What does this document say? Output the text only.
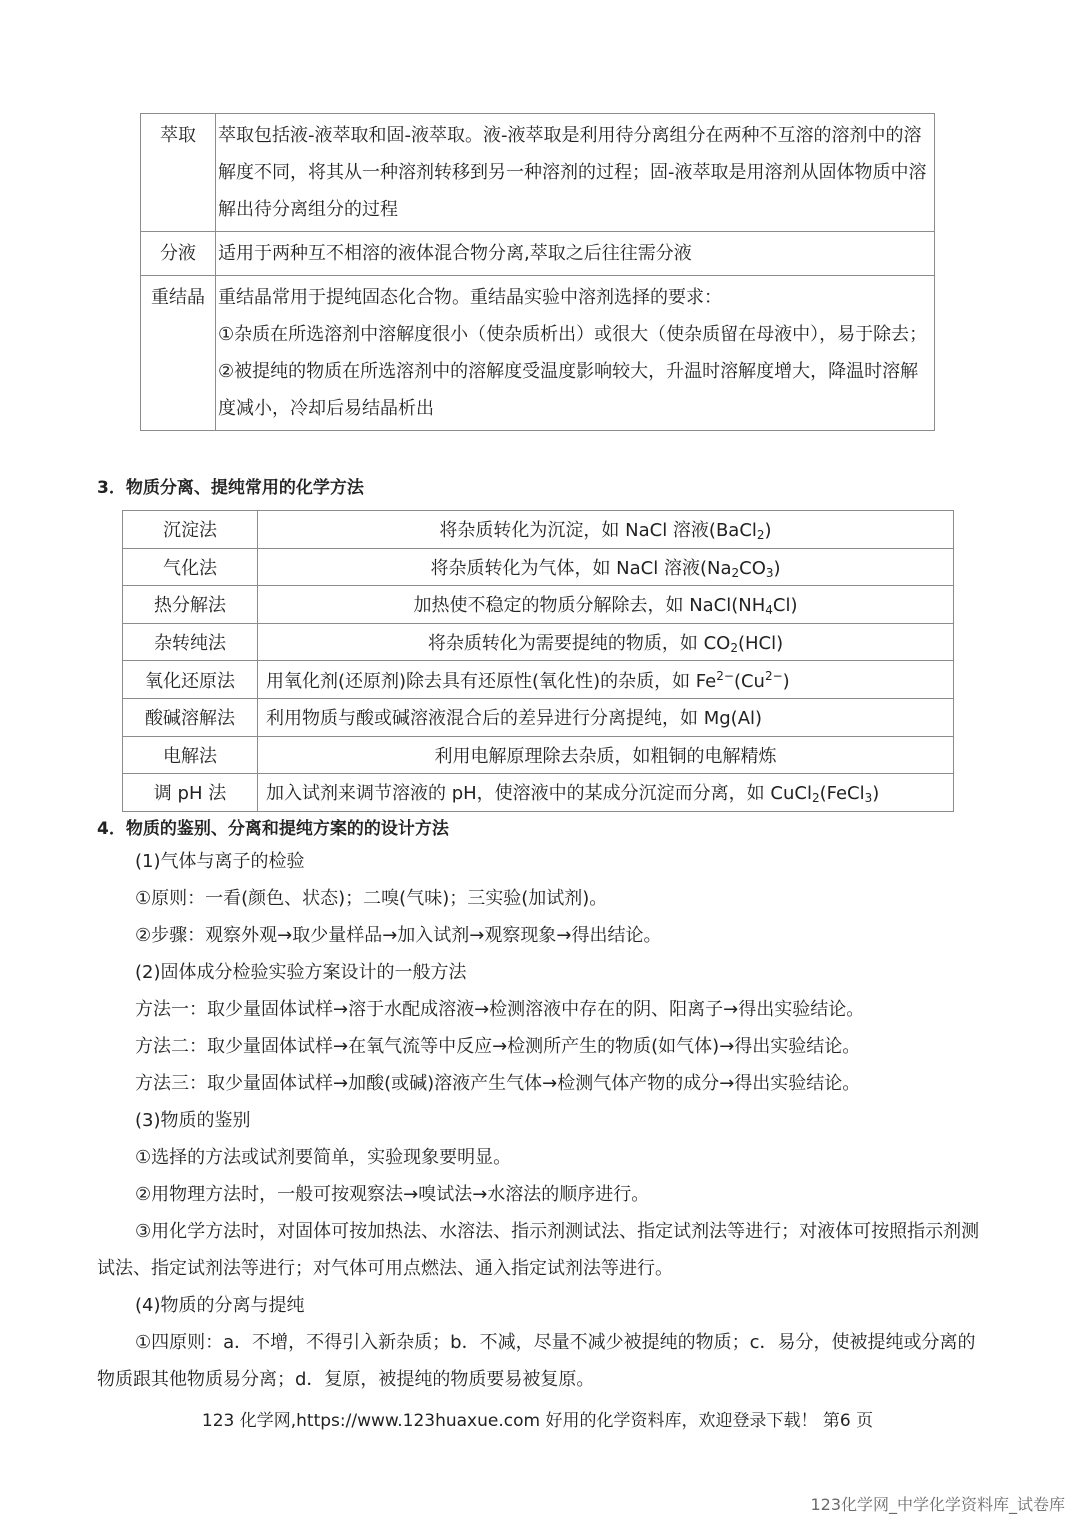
萃取	萃取包括液-液萃取和固-液萃取。液-液萃取是利用待分离组分在两种不互溶的溶剂中的溶解度不同，将其从一种溶剂转移到另一种溶剂的过程；固-液萃取是用溶剂从固体物质中溶解出待分离组分的过程

分液	适用于两种互不相溶的液体混合物分离,萃取之后往往需分液

重结晶	重结晶常用于提纯固态化合物。重结晶实验中溶剂选择的要求：

①杂质在所选溶剂中溶解度很小（使杂质析出）或很大（使杂质留在母液中），易于除去；

②被提纯的物质在所选溶剂中的溶解度受温度影响较大，升温时溶解度增大，降温时溶解度减小，冷却后易结晶析出

3．物质分离、提纯常用的化学方法

沉淀法	将杂质转化为沉淀，如 NaCl 溶液(BaCl$_2$)
气化法	将杂质转化为气体，如 NaCl 溶液$(Na_2CO_3)$
热分解法	加热使不稳定的物质分解除去，如 $NaCl(NH_4Cl)$
杂转纯法	将杂质转化为需要提纯的物质，如 $CO_2(HCl)$
氧化还原法	用氧化剂(还原剂)除去具有还原性(氧化性)的杂质，如 $Fe^{2-}(Cu^{2-})$
酸碱溶解法	利用物质与酸或碱溶液混合后的差异进行分离提纯，如 Mg(Al)
电解法	利用电解原理除去杂质，如粗铜的电解精炼
调 pH 法	加入试剂来调节溶液的 pH，使溶液中的某成分沉淀而分离，如 CuCl$_2$(FeCl$_3$)

4．物质的鉴别、分离和提纯方案的的设计方法

(1)气体与离子的检验

①原则：一看(颜色、状态)；二嗅(气味)；三实验(加试剂)。

②步骤：观察外观→取少量样品→加入试剂→观察现象→得出结论。

(2)固体成分检验实验方案设计的一般方法

方法一：取少量固体试样→溶于水配成溶液→检测溶液中存在的阴、阳离子→得出实验结论。

方法二：取少量固体试样→在氧气流等中反应→检测所产生的物质(如气体)→得出实验结论。

方法三：取少量固体试样→加酸(或碱)溶液产生气体→检测气体产物的成分→得出实验结论。

(3)物质的鉴别

①选择的方法或试剂要简单，实验现象要明显。

②用物理方法时，一般可按观察法→嗅试法→水溶法的顺序进行。

③用化学方法时，对固体可按加热法、水溶法、指示剂测试法、指定试剂法等进行；对液体可按照指示剂测试法、指定试剂法等进行；对气体可用点燃法、通入指定试剂法等进行。

(4)物质的分离与提纯

①四原则：a．不增，不得引入新杂质；b．不减，尽量不减少被提纯的物质；c．易分，使被提纯或分离的物质跟其他物质易分离；d．复原，被提纯的物质要易被复原。

123 化学网,https://www.123huaxue.com 好用的化学资料库，欢迎登录下载！ 第6 页

123化学网_中学化学资料库_试卷库
